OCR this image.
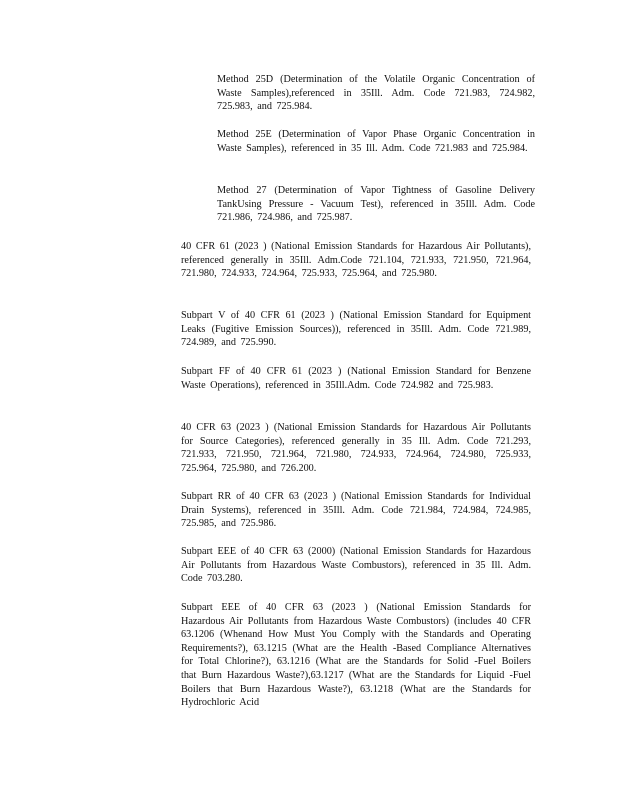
Method 25D (Determination of the Volatile Organic Concentration of Waste Samples),referenced in 35Ill. Adm. Code 721.983, 724.982, 725.983, and 725.984.

Method 25E (Determination of Vapor Phase Organic Concentration in Waste Samples), referenced in 35 Ill. Adm. Code 721.983 and 725.984.

Method 27 (Determination of Vapor Tightness of Gasoline Delivery TankUsing Pressure - Vacuum Test), referenced in 35Ill. Adm. Code 721.986, 724.986, and 725.987.

40 CFR 61 (2023 ) (National Emission Standards for Hazardous Air Pollutants), referenced generally in 35Ill. Adm.Code 721.104, 721.933, 721.950, 721.964, 721.980, 724.933, 724.964, 725.933, 725.964, and 725.980.

Subpart V of 40 CFR 61 (2023 ) (National Emission Standard for Equipment Leaks (Fugitive Emission Sources)), referenced in 35Ill. Adm. Code 721.989, 724.989, and 725.990.

Subpart FF of 40 CFR 61 (2023 ) (National Emission Standard for Benzene Waste Operations), referenced in 35Ill.Adm. Code 724.982 and 725.983.

40 CFR 63 (2023 ) (National Emission Standards for Hazardous Air Pollutants for Source Categories), referenced generally in 35 Ill. Adm. Code 721.293, 721.933, 721.950, 721.964, 721.980, 724.933, 724.964, 724.980, 725.933, 725.964, 725.980, and 726.200.

Subpart RR of 40 CFR 63 (2023 ) (National Emission Standards for Individual Drain Systems), referenced in 35Ill. Adm. Code 721.984, 724.984, 724.985, 725.985, and 725.986.

Subpart EEE of 40 CFR 63 (2000) (National Emission Standards for Hazardous Air Pollutants from Hazardous Waste Combustors), referenced in 35 Ill. Adm. Code 703.280.

Subpart EEE of 40 CFR 63 (2023 ) (National Emission Standards for Hazardous Air Pollutants from Hazardous Waste Combustors) (includes 40 CFR 63.1206 (Whenand How Must You Comply with the Standards and Operating Requirements?), 63.1215 (What are the Health -Based Compliance Alternatives for Total Chlorine?), 63.1216 (What are the Standards for Solid -Fuel Boilers that Burn Hazardous Waste?),63.1217 (What are the Standards for Liquid -Fuel Boilers that Burn Hazardous Waste?), 63.1218 (What are the Standards for Hydrochloric Acid
